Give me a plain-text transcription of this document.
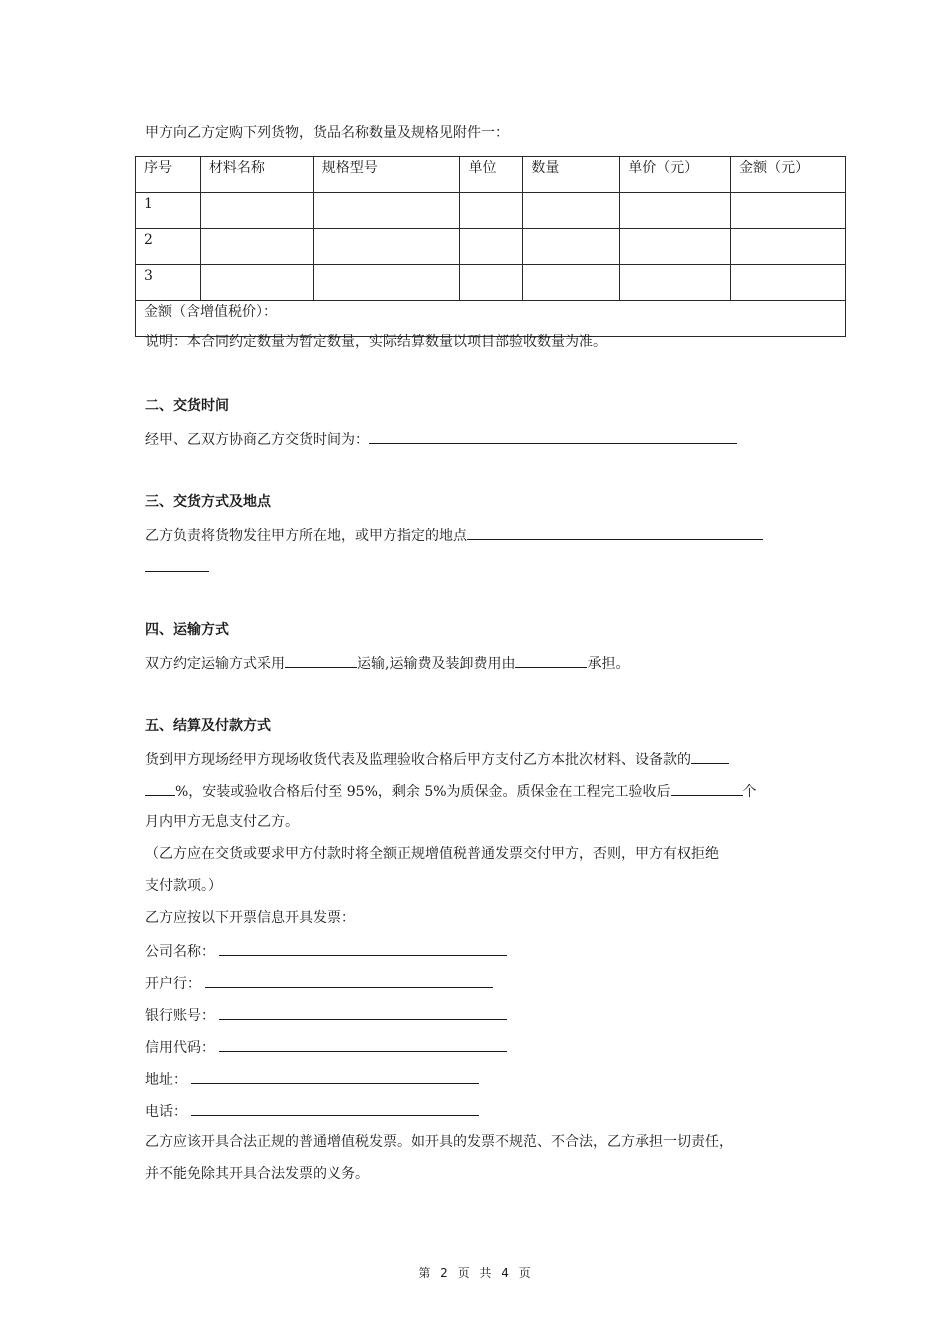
甲方向乙方定购下列货物，货品名称数量及规格见附件一：
序号	材料名称	规格型号	单位	数量	单价（元）	金额（元）
1						
2						
3						
金额（含增值税价）：						
说明：本合同约定数量为暂定数量，实际结算数量以项目部验收数量为准。
二、交货时间
经甲、乙双方协商乙方交货时间为：
三、交货方式及地点
乙方负责将货物发往甲方所在地，或甲方指定的地点
四、运输方式
双方约定运输方式采用	运输,运输费及装卸费用由	承担。
五、结算及付款方式
货到甲方现场经甲方现场收货代表及监理验收合格后甲方支付乙方本批次材料、设备款的
%，安装或验收合格后付至 95%，剩余 5%为质保金。质保金在工程完工验收后	个
月内甲方无息支付乙方。
（乙方应在交货或要求甲方付款时将全额正规增值税普通发票交付甲方，否则，甲方有权拒绝
支付款项。）
乙方应按以下开票信息开具发票：
公司名称：
开户行：
银行账号：
信用代码：
地址：
电话：
乙方应该开具合法正规的普通增值税发票。如开具的发票不规范、不合法，乙方承担一切责任，
并不能免除其开具合法发票的义务。
第 2 页 共 4 页
